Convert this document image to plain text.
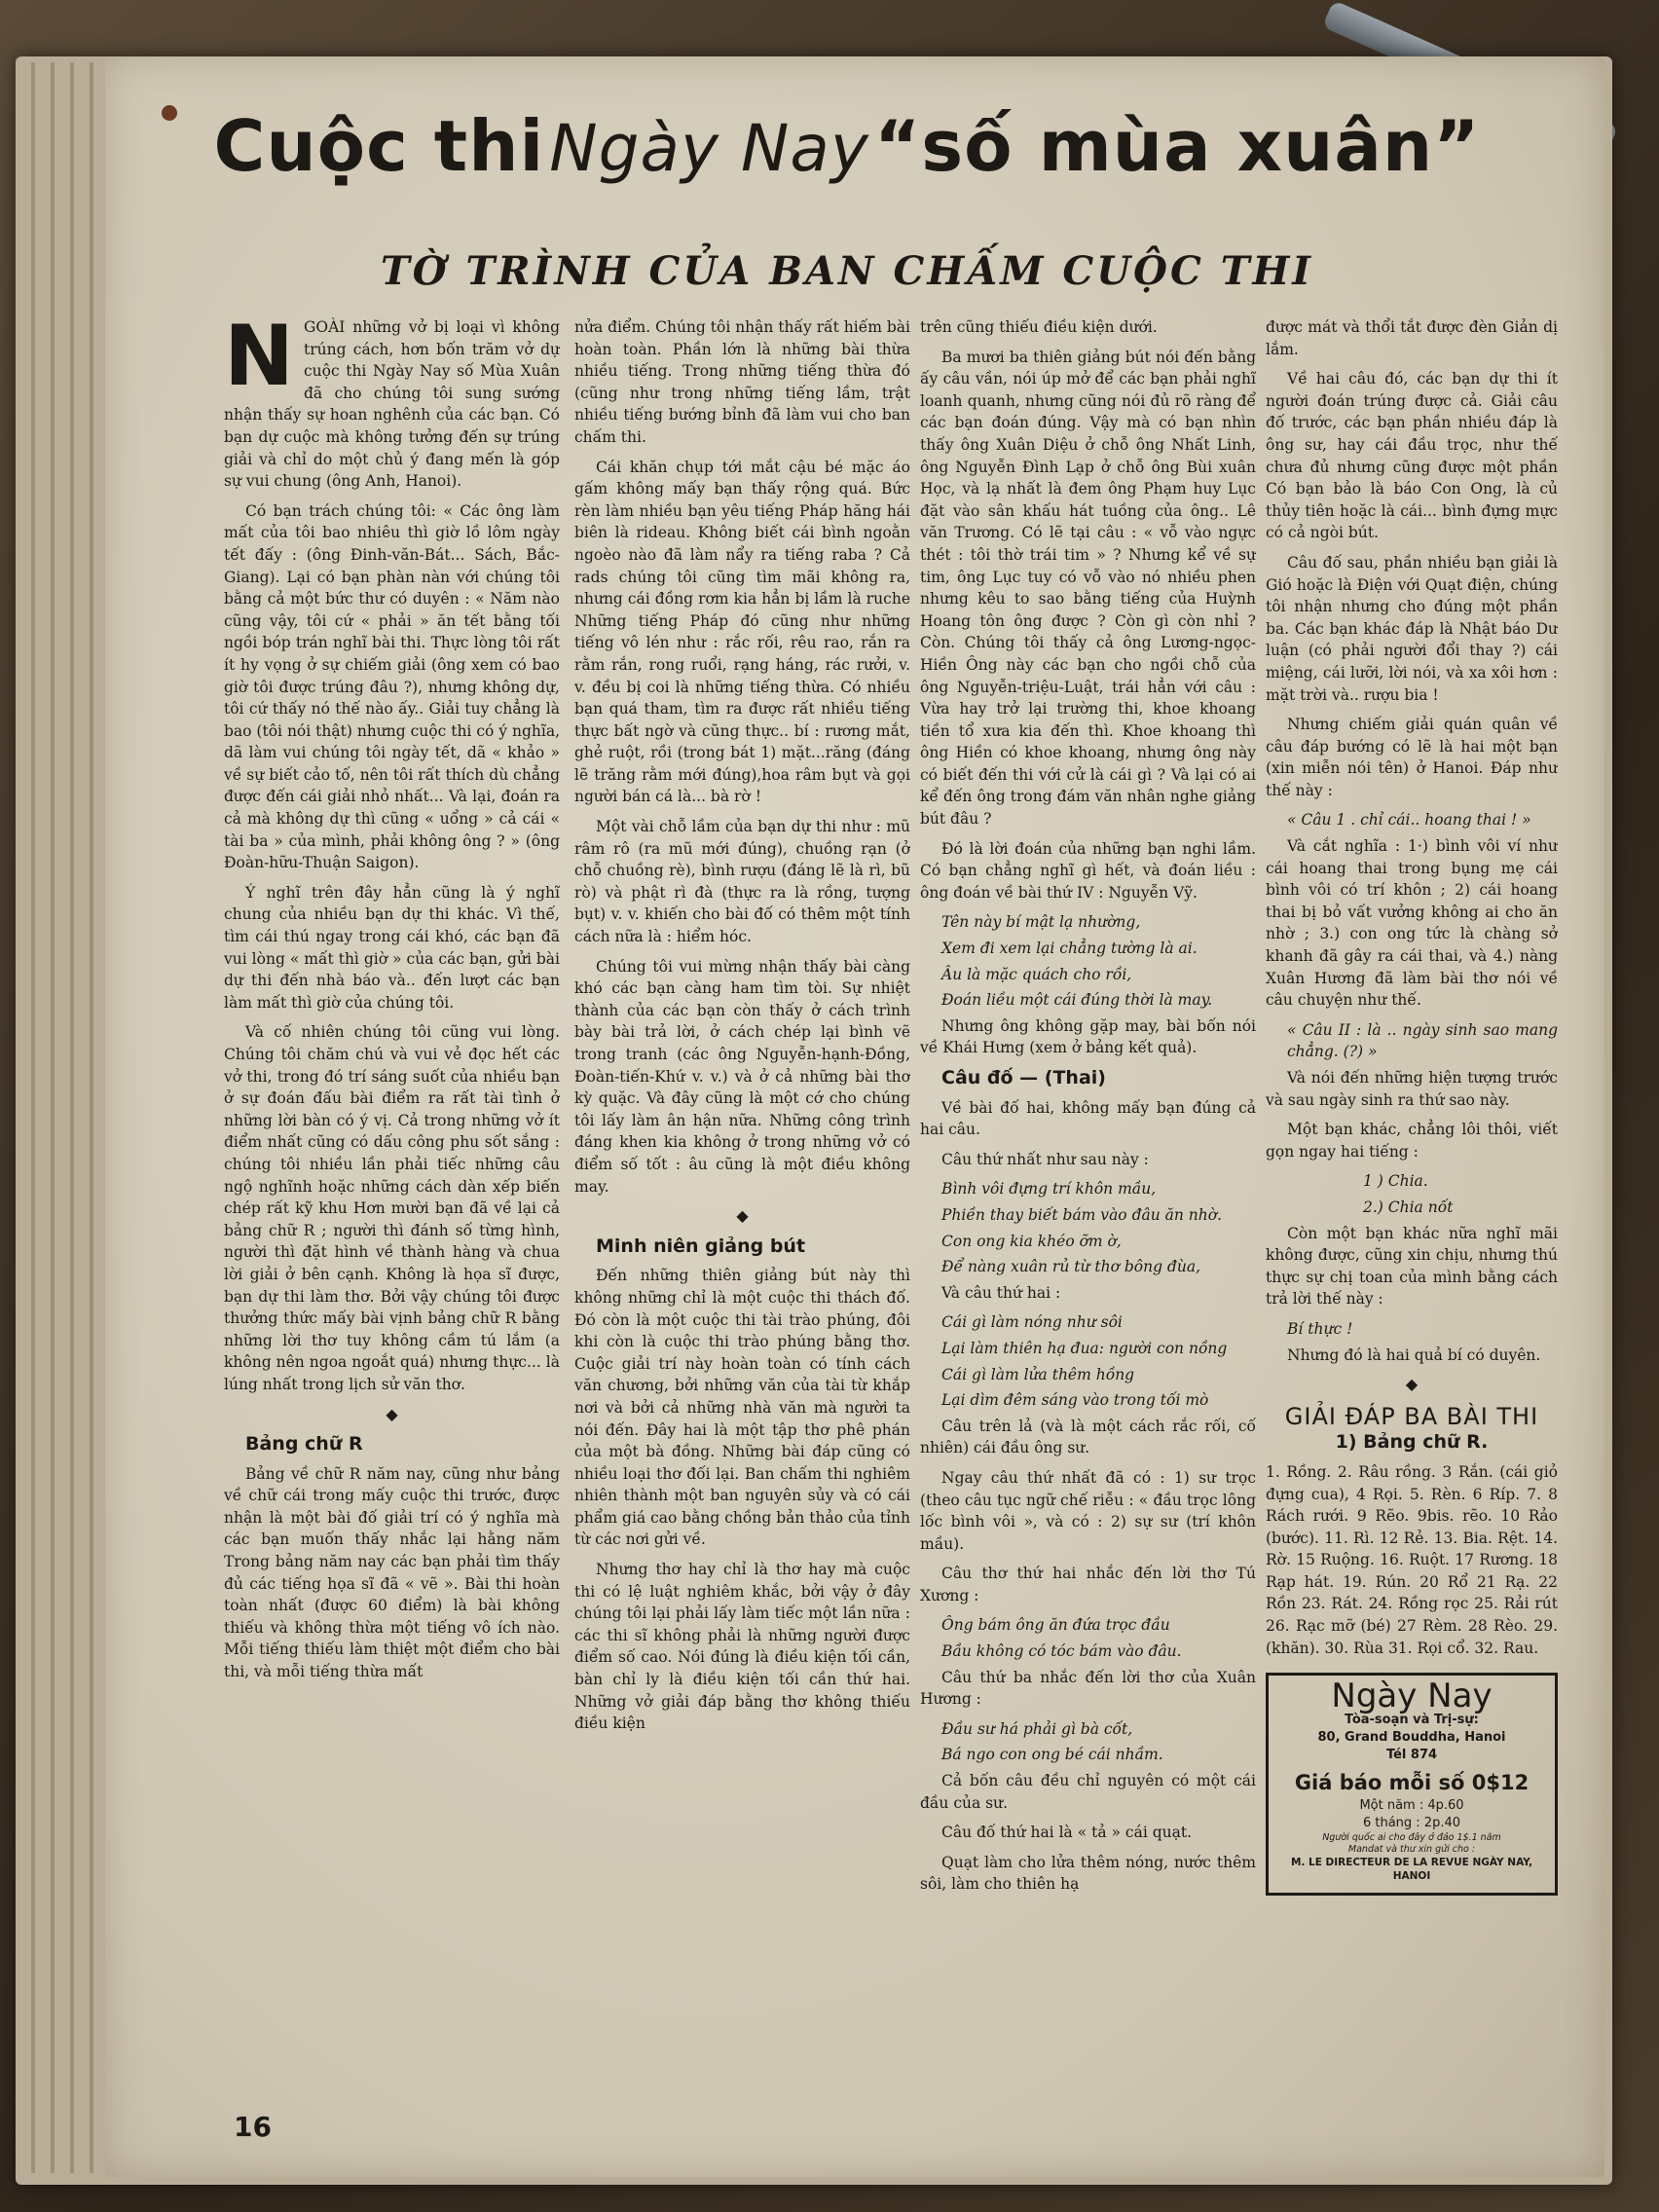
Cuộc thi Ngày Nay “số mùa xuân”
TỜ TRÌNH CỦA BAN CHẤM CUỘC THI
N GOÀI những vở bị loại vì không trúng cách, hơn bốn trăm vở dự cuộc thi Ngày Nay số Mùa Xuân đã cho chúng tôi sung sướng nhận thấy sự hoan nghênh của các bạn. Có bạn dự cuộc mà không tưởng đến sự trúng giải và chỉ do một chủ ý đang mến là góp sự vui chung (ông Anh, Hanoi).

Có bạn trách chúng tôi: « Các ông làm mất của tôi bao nhiêu thì giờ lồ lôm ngày tết đấy : (ông Đinh-văn-Bát... Sách, Bắc-Giang). Lại có bạn phàn nàn với chúng tôi bằng cả một bức thư có duyên : « Năm nào cũng vậy, tôi cứ « phải » ăn tết bằng tối ngồi bóp trán nghĩ bài thi. Thực lòng tôi rất ít hy vọng ở sự chiếm giải (ông xem có bao giờ tôi được trúng đâu ?), nhưng không dự, tôi cứ thấy nó thế nào ấy.. Giải tuy chẳng là bao (tôi nói thật) nhưng cuộc thi có ý nghĩa, dã làm vui chúng tôi ngày tết, dã « khảo » về sự biết cảo tố, nên tôi rất thích dù chẳng được đến cái giải nhỏ nhất... Và lại, đoán ra cả mà không dự thì cũng « uổng » cả cái « tài ba » của mình, phải không ông ? » (ông Đoàn-hữu-Thuận Saigon).

Ý nghĩ trên đây hẳn cũng là ý nghĩ chung của nhiều bạn dự thi khác. Vì thế, tìm cái thú ngay trong cái khó, các bạn đã vui lòng « mất thì giờ » của các bạn, gửi bài dự thi đến nhà báo và.. đến lượt các bạn làm mất thì giờ của chúng tôi.

Và cố nhiên chúng tôi cũng vui lòng. Chúng tôi chăm chú và vui vẻ đọc hết các vở thi, trong đó trí sáng suốt của nhiều bạn ở sự đoán đấu bài điểm ra rất tài tình ở những lời bàn có ý vị. Cả trong những vở ít điểm nhất cũng có dấu công phu sốt sắng : chúng tôi nhiều lần phải tiếc những câu ngộ nghĩnh hoặc những cách dàn xếp biến chép rất kỹ khu Hơn mười bạn đã về lại cả bảng chữ R ; người thì đánh số từng hình, người thì đặt hình về thành hàng và chua lời giải ở bên cạnh. Không là họa sĩ được, bạn dự thi làm thơ. Bởi vậy chúng tôi được thưởng thức mấy bài vịnh bảng chữ R bằng những lời thơ tuy không cầm tú lắm (a không nên ngoa ngoắt quá) nhưng thực... là lúng nhất trong lịch sử văn thơ.

◆

Bảng chữ R

Bảng về chữ R năm nay, cũng như bảng về chữ cái trong mấy cuộc thi trước, được nhận là một bài đố giải trí có ý nghĩa mà các bạn muốn thấy nhắc lại hằng năm Trong bảng năm nay các bạn phải tìm thấy đủ các tiếng họa sĩ đã « vẽ ». Bài thi hoàn toàn nhất (được 60 điểm) là bài không thiếu và không thừa một tiếng vô ích nào. Mỗi tiếng thiếu làm thiệt một điểm cho bài thi, và mỗi tiếng thừa mất

nửa điểm. Chúng tôi nhận thấy rất hiếm bài hoàn toàn. Phần lớn là những bài thừa nhiều tiếng. Trong những tiếng thừa đó (cũng như trong những tiếng lầm, trật nhiều tiếng bướng bỉnh đã làm vui cho ban chấm thi.

Cái khăn chụp tới mắt cậu bé mặc áo gấm không mấy bạn thấy rộng quá. Bức rèn làm nhiều bạn yêu tiếng Pháp hăng hái biên là rideau. Không biết cái bình ngoằn ngoèo nào đã làm nẩy ra tiếng raba ? Cả rads chúng tôi cũng tìm mãi không ra, nhưng cái đồng rơm kia hẳn bị lầm là ruche Những tiếng Pháp đó cũng như những tiếng vô lén như : rắc rối, rêu rao, rắn ra rằm rắn, rong ruổi, rạng háng, rác rưởi, v. v. đều bị coi là những tiếng thừa. Có nhiều bạn quá tham, tìm ra được rất nhiều tiếng thực bất ngờ và cũng thực.. bí : rương mắt, ghẻ ruột, rồi (trong bát 1) mặt...răng (đáng lẽ trăng rằm mới đúng),hoa râm bụt và gọi người bán cá là... bà rờ !

Một vài chỗ lầm của bạn dự thi như : mũ râm rô (ra mũ mới đúng), chuồng rạn (ở chỗ chuồng rè), bình rượu (đáng lẽ là rì, bũ rò) và phật rì đà (thực ra là rồng, tượng bụt) v. v. khiến cho bài đố có thêm một tính cách nữa là : hiểm hóc.

Chúng tôi vui mừng nhận thấy bài càng khó các bạn càng ham tìm tòi. Sự nhiệt thành của các bạn còn thấy ở cách trình bày bài trả lời, ở cách chép lại bình vẽ trong tranh (các ông Nguyễn-hạnh-Đồng, Đoàn-tiến-Khứ v. v.) và ở cả những bài thơ kỳ quặc. Và đây cũng là một cớ cho chúng tôi lấy làm ân hận nữa. Những công trình đáng khen kia không ở trong những vở có điểm số tốt : âu cũng là một điều không may.

◆

Minh niên giảng bút

Đến những thiên giảng bút này thì không những chỉ là một cuộc thi thách đố. Đó còn là một cuộc thi tài trào phúng, đôi khi còn là cuộc thi trào phúng bằng thơ. Cuộc giải trí này hoàn toàn có tính cách văn chương, bởi những văn của tài từ khắp nơi và bởi cả những nhà văn mà người ta nói đến. Đây hai là một tập thơ phê phán của một bà đồng. Những bài đáp cũng có nhiều loại thơ đối lại. Ban chấm thi nghiêm nhiên thành một ban nguyên sủy và có cái phẩm giá cao bằng chồng bản thảo của tỉnh từ các nơi gửi về.

Nhưng thơ hay chỉ là thơ hay mà cuộc thi có lệ luật nghiêm khắc, bởi vậy ở đây chúng tôi lại phải lấy làm tiếc một lần nữa : các thi sĩ không phải là những người được điểm số cao. Nói đúng là điều kiện tối cần, bàn chỉ ly là điều kiện tối cần thứ hai. Những vở giải đáp bằng thơ không thiếu điều kiện

trên cũng thiếu điều kiện dưới.

Ba mươi ba thiên giảng bút nói đến bằng ấy câu vần, nói úp mở để các bạn phải nghĩ loanh quanh, nhưng cũng nói đủ rõ ràng để các bạn đoán đúng. Vậy mà có bạn nhìn thấy ông Xuân Diệu ở chỗ ông Nhất Linh, ông Nguyễn Đình Lạp ở chỗ ông Bùi xuân Học, và lạ nhất là đem ông Phạm huy Lục đặt vào sân khấu hát tuồng của ông.. Lê văn Trương. Có lẽ tại câu : « vỗ vào ngực thét : tôi thờ trái tim » ? Nhưng kể về sự tim, ông Lục tuy có vỗ vào nó nhiều phen nhưng kêu to sao bằng tiếng của Huỳnh Hoang tôn ông được ? Còn gì còn nhỉ ? Còn. Chúng tôi thấy cả ông Lương-ngọc-Hiền Ông này các bạn cho ngồi chỗ của ông Nguyễn-triệu-Luật, trái hẳn với câu : Vừa hay trở lại trường thi, khoe khoang tiền tổ xưa kia đến thì. Khoe khoang thì ông Hiền có khoe khoang, nhưng ông này có biết đến thi với cử là cái gì ? Và lại có ai kể đến ông trong đám văn nhân nghe giảng bút đâu ?

Đó là lời đoán của những bạn nghi lầm. Có bạn chẳng nghĩ gì hết, và đoán liều : ông đoán về bài thứ IV : Nguyễn Vỹ.

Tên này bí mật lạ nhường,

Xem đi xem lại chẳng tường là ai.

Âu là mặc quách cho rồi,

Đoán liều một cái đúng thời là may.

Nhưng ông không gặp may, bài bốn nói về Khái Hưng (xem ở bảng kết quả).

Câu đố — (Thai)

Về bài đố hai, không mấy bạn đúng cả hai câu.

Câu thứ nhất như sau này :

Bình vôi đựng trí khôn mầu,

Phiền thay biết bám vào đâu ăn nhờ.

Con ong kia khéo ỡm ờ,

Để nàng xuân rủ từ thơ bông đùa,

Và câu thứ hai :

Cái gì làm nóng như sôi

Lại làm thiên hạ đua: người con nồng

Cái gì làm lửa thêm hồng

Lại dìm đêm sáng vào trong tối mò

Câu trên lả (và là một cách rắc rối, cố nhiên) cái đầu ông sư.

Ngay câu thứ nhất đã có : 1) sư trọc (theo câu tục ngữ chế riễu : « đầu trọc lông lốc bình vôi », và có : 2) sự sư (trí khôn mầu).

Câu thơ thứ hai nhắc đến lời thơ Tú Xương :

Ông bám ông ăn đứa trọc đầu

Bầu không có tóc bám vào đâu.

Câu thứ ba nhắc đến lời thơ của Xuân Hương :

Đầu sư há phải gì bà cốt,

Bá ngo con ong bé cái nhầm.

Cả bốn câu đều chỉ nguyên có một cái đầu của sư.

Câu đố thứ hai là « tả » cái quạt.

Quạt làm cho lửa thêm nóng, nước thêm sôi, làm cho thiên hạ

được mát và thổi tắt được đèn Giản dị lắm.

Về hai câu đó, các bạn dự thi ít người đoán trúng được cả. Giải câu đố trước, các bạn phần nhiều đáp là ông sư, hay cái đầu trọc, như thế chưa đủ nhưng cũng được một phần Có bạn bảo là báo Con Ong, là củ thủy tiên hoặc là cái... bình đựng mực có cả ngòi bút.

Câu đố sau, phần nhiều bạn giải là Gió hoặc là Điện với Quạt điện, chúng tôi nhận nhưng cho đúng một phần ba. Các bạn khác đáp là Nhật báo Dư luận (có phải người đổi thay ?) cái miệng, cái lưỡi, lời nói, và xa xôi hơn : mặt trời và.. rượu bia !

Nhưng chiếm giải quán quân về câu đáp bướng có lẽ là hai một bạn (xin miễn nói tên) ở Hanoi. Đáp như thế này :

« Câu 1 . chỉ cái.. hoang thai ! »

Và cắt nghĩa : 1·) bình vôi ví như cái hoang thai trong bụng mẹ cái bình vôi có trí khôn ; 2) cái hoang thai bị bỏ vất vưởng không ai cho ăn nhờ ; 3.) con ong tức là chàng sở khanh đã gây ra cái thai, và 4.) nàng Xuân Hương đã làm bài thơ nói về câu chuyện như thế.

« Câu II : là .. ngày sinh sao mang chẳng. (?) »

Và nói đến những hiện tượng trước và sau ngày sinh ra thứ sao này.

Một bạn khác, chẳng lôi thôi, viết gọn ngay hai tiếng :

1 ) Chia.

2.) Chia nốt

Còn một bạn khác nữa nghĩ mãi không được, cũng xin chịu, nhưng thú thực sự chị toan của mình bằng cách trả lời thế này :

Bí thực !

Nhưng đó là hai quả bí có duyên.

◆
GIẢI ĐÁP BA BÀI THI
1) Bảng chữ R.

1. Rồng. 2. Râu rồng. 3 Rắn. (cái giỏ đựng cua), 4 Rọi. 5. Rèn. 6 Ríp. 7. 8 Rách rưới. 9 Rẽo. 9bis. rẽo. 10 Rảo (bước). 11. Rì. 12 Rẻ. 13. Bia. Rệt. 14. Rờ. 15 Ruộng. 16. Ruột. 17 Rương. 18 Rạp hát. 19. Rún. 20 Rổ 21 Rạ. 22 Rồn 23. Rát. 24. Rồng rọc 25. Rải rút 26. Rạc mỡ (bé) 27 Rèm. 28 Rèo. 29. (khăn). 30. Rùa 31. Rọi cổ. 32. Rau.

Ngày Nay
Tòa-soạn và Trị-sự:
80, Grand Bouddha, Hanoi
Tél 874
Giá báo mỗi số 0$12
Một năm : 4p.60
6 tháng : 2p.40
Người quốc ai cho đây ở đảo 1$.1 năm
Mandat và thư xin gửi cho :
M. LE DIRECTEUR DE LA REVUE NGÀY NAY, HANOI
16
